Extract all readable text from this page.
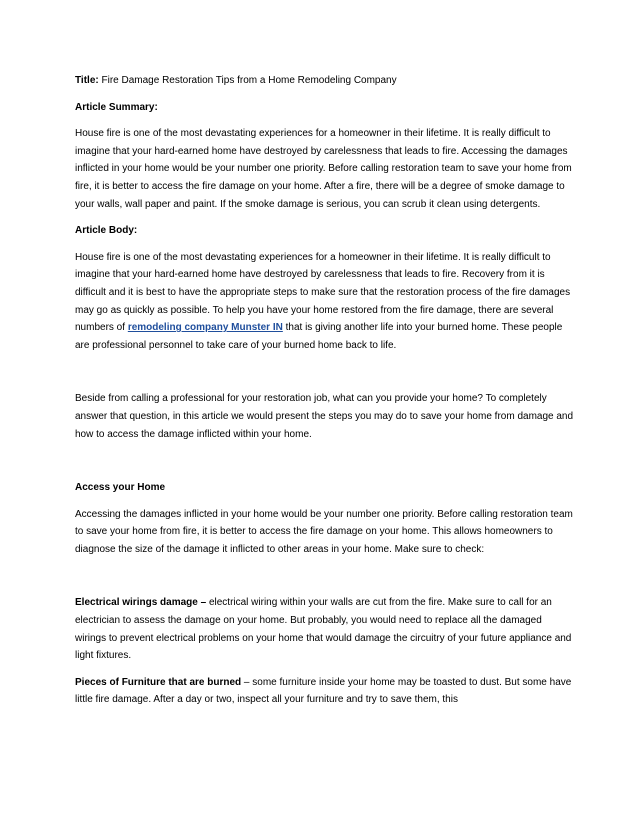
Title: Fire Damage Restoration Tips from a Home Remodeling Company

Article Summary:

House fire is one of the most devastating experiences for a homeowner in their lifetime. It is really difficult to imagine that your hard-earned home have destroyed by carelessness that leads to fire. Accessing the damages inflicted in your home would be your number one priority. Before calling restoration team to save your home from fire, it is better to access the fire damage on your home. After a fire, there will be a degree of smoke damage to your walls, wall paper and paint. If the smoke damage is serious, you can scrub it clean using detergents.

Article Body:

House fire is one of the most devastating experiences for a homeowner in their lifetime. It is really difficult to imagine that your hard-earned home have destroyed by carelessness that leads to fire. Recovery from it is difficult and it is best to have the appropriate steps to make sure that the restoration process of the fire damages may go as quickly as possible. To help you have your home restored from the fire damage, there are several numbers of remodeling company Munster IN that is giving another life into your burned home. These people are professional personnel to take care of your burned home back to life.

Beside from calling a professional for your restoration job, what can you provide your home? To completely answer that question, in this article we would present the steps you may do to save your home from damage and how to access the damage inflicted within your home.

Access your Home

Accessing the damages inflicted in your home would be your number one priority. Before calling restoration team to save your home from fire, it is better to access the fire damage on your home. This allows homeowners to diagnose the size of the damage it inflicted to other areas in your home. Make sure to check:

Electrical wirings damage – electrical wiring within your walls are cut from the fire. Make sure to call for an electrician to assess the damage on your home. But probably, you would need to replace all the damaged wirings to prevent electrical problems on your home that would damage the circuitry of your future appliance and light fixtures.

Pieces of Furniture that are burned – some furniture inside your home may be toasted to dust. But some have little fire damage. After a day or two, inspect all your furniture and try to save them, this
